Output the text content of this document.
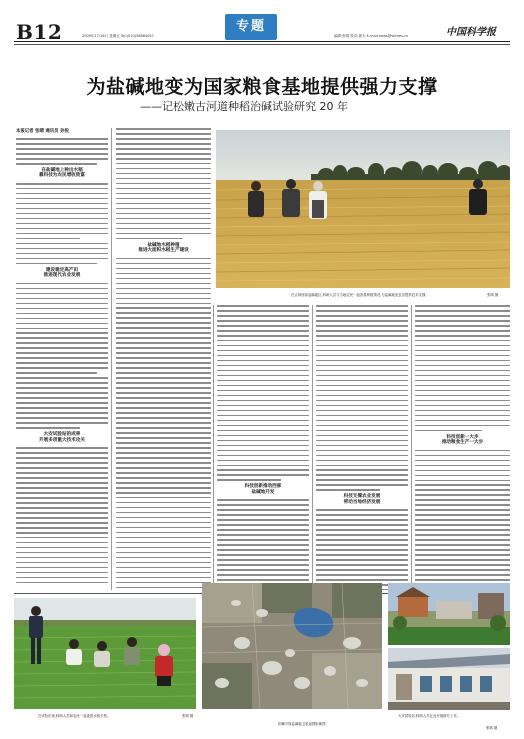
B12	2009年1月16日 星期五 Tel:(010)58884057
专题
编辑:张晴 校对:唐为 E-mail:news@stimes.cn	中国科学报
为盐碱地变为国家粮食基地提供强力支撑
——记松嫩古河道种稻治碱试验研究 20 年
本报记者 张晴 通讯员 孙悦
在盐碱地上种出水稻
靠科技为农民增收致富
建设稳定高产田
推进现代农业发展
大安试验站的成果
开展多项重大技术攻关
盐碱地水稻种植
推进大面积水稻生产建设
在吉林西部盐碱地区,科研人员与当地农民一起查看种植情况,为盐碱地变良田提供技术支撑。	张晴 摄
科技创新推动西部
盐碱地开发
科技支撑农业发展
带动当地经济发展
科技创新一大步
推动粮食生产一大步
在试验田里,科研人员和农民一起查看水稻长势。	张晴 摄
松嫩平原盐碱地卫星遥感影像图
大安试验站,科研人员在此开展研究工作。
张晴 摄
